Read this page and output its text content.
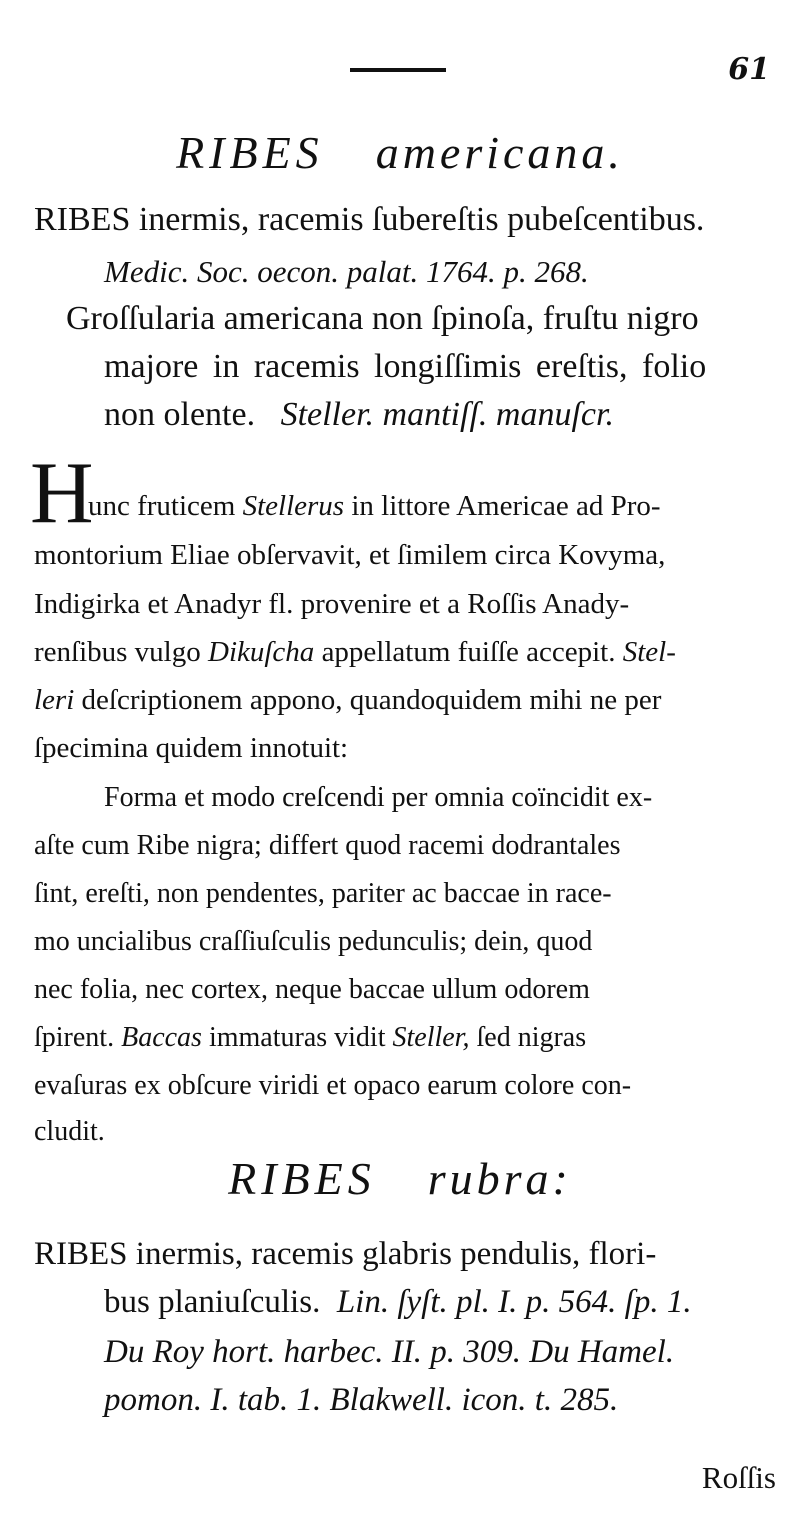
61
RIBES americana.
RIBES inermis, racemis ſubereſtis pubeſcentibus.
Medic. Soc. oecon. palat. 1764. p. 268.
Groſſularia americana non ſpinoſa, fruſtu nigro
majore in racemis longiſſimis ereſtis, folio
non olente. Steller. mantiſſ. manuſcr.
H
unc fruticem Stellerus in littore Americae ad Pro-
montorium Eliae obſervavit, et ſimilem circa Kovyma,
Indigirka et Anadyr fl. provenire et a Roſſis Anady-
renſibus vulgo Dikuſcha appellatum fuiſſe accepit. Stel-
leri deſcriptionem appono, quandoquidem mihi ne per
ſpecimina quidem innotuit:
Forma et modo creſcendi per omnia coïncidit ex-
aſte cum Ribe nigra; differt quod racemi dodrantales
ſint, ereſti, non pendentes, pariter ac baccae in race-
mo uncialibus craſſiuſculis pedunculis; dein, quod
nec folia, nec cortex, neque baccae ullum odorem
ſpirent. Baccas immaturas vidit Steller, ſed nigras
evaſuras ex obſcure viridi et opaco earum colore con-
cludit.
RIBES rubra:
RIBES inermis, racemis glabris pendulis, flori-
bus planiuſculis. Lin. ſyſt. pl. I. p. 564. ſp. 1.
Du Roy hort. harbec. II. p. 309. Du Hamel.
pomon. I. tab. 1. Blakwell. icon. t. 285.
Roſſis
